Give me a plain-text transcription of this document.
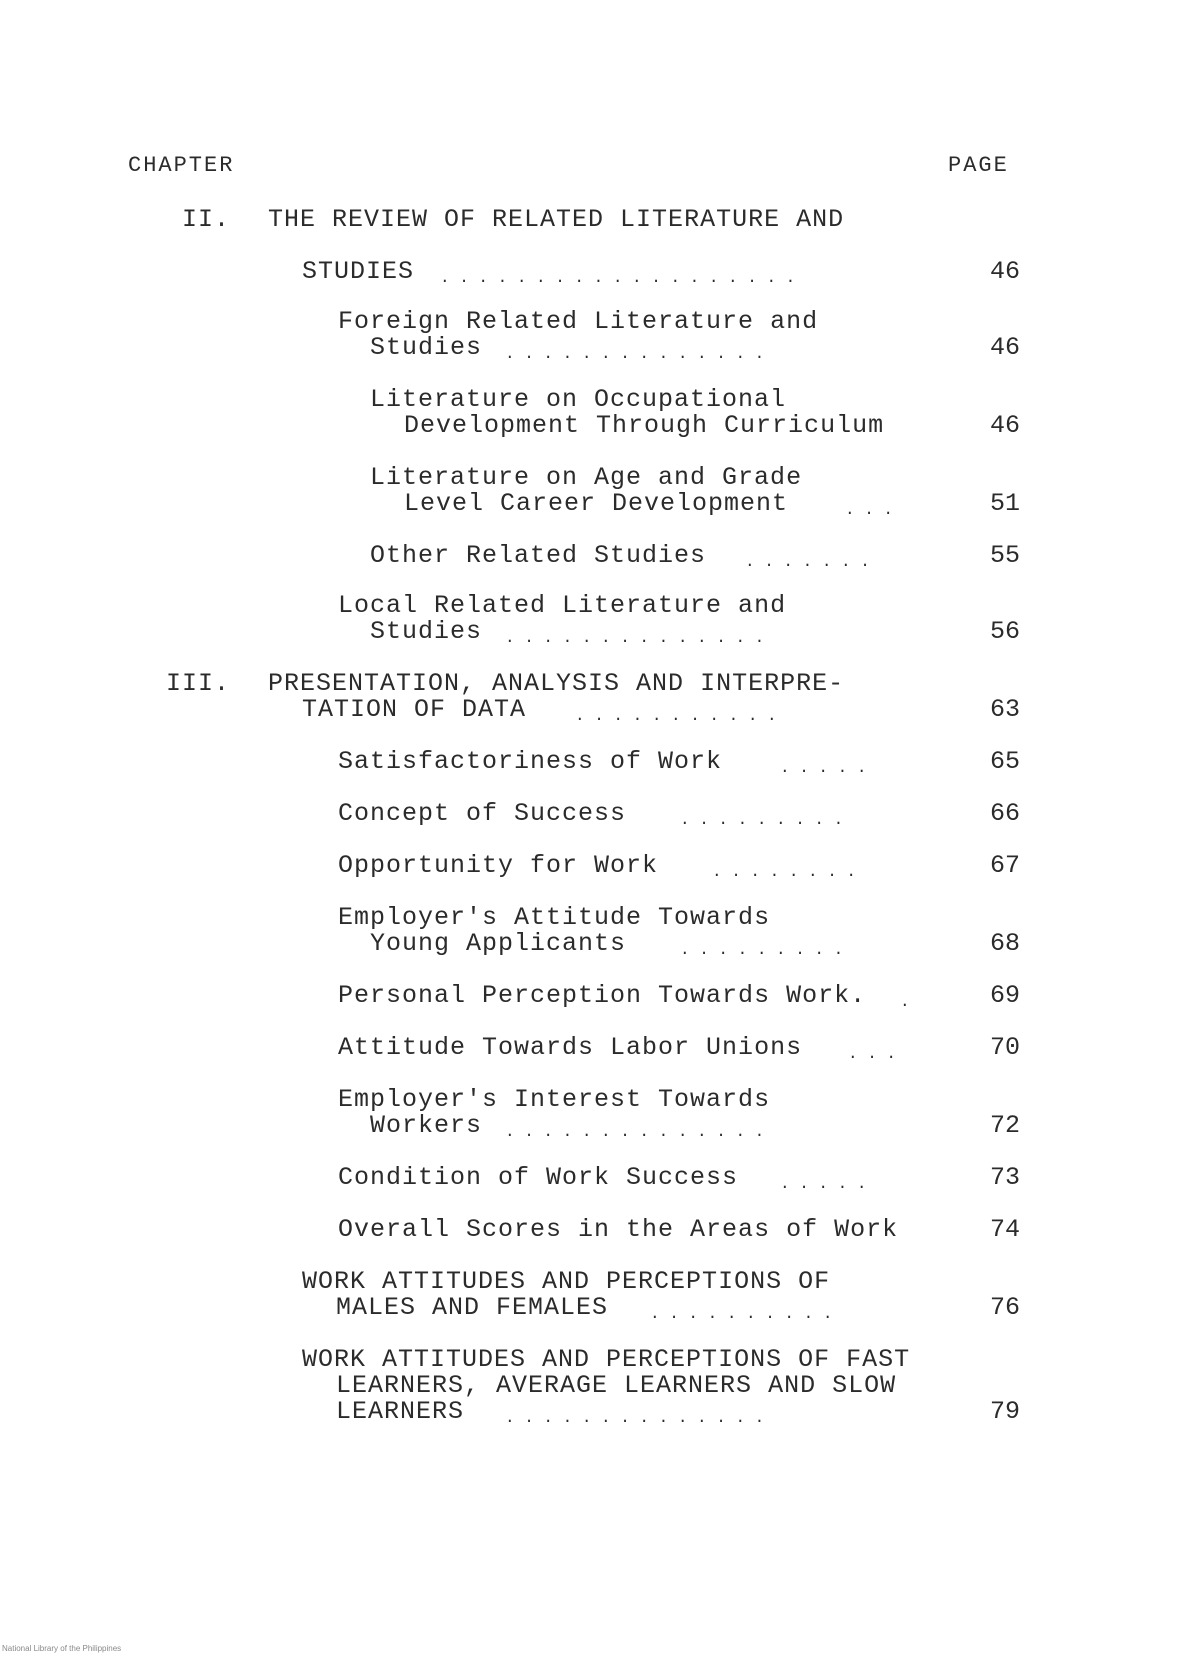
CHAPTER	PAGE
II. THE REVIEW OF RELATED LITERATURE AND
STUDIES . . . . . . . . . . . . . . . . . . .	46
Foreign Related Literature and
Studies . . . . . . . . . . . . . .	46
Literature on Occupational
Development Through Curriculum	46
Literature on Age and Grade
Level Career Development	. . .	51
Other Related Studies . . . . . . .	55
Local Related Literature and
Studies . . . . . . . . . . . . . .	56
III. PRESENTATION, ANALYSIS AND INTERPRE-
TATION OF DATA	. . . . . . . . . . .	63
Satisfactoriness of Work	. . . . .	65
Concept of Success	. . . . . . . . .	66
Opportunity for Work	. . . . . . . .	67
Employer's Attitude Towards
Young Applicants	. . . . . . . . .	68
Personal Perception Towards Work. .	69
Attitude Towards Labor Unions	. . .	70
Employer's Interest Towards
Workers . . . . . . . . . . . . . .	72
Condition of Work Success	. . . . .	73
Overall Scores in the Areas of Work	74
WORK ATTITUDES AND PERCEPTIONS OF
MALES AND FEMALES	. . . . . . . . . .	76
WORK ATTITUDES AND PERCEPTIONS OF FAST
LEARNERS, AVERAGE LEARNERS AND SLOW
LEARNERS	. . . . . . . . . . . . . .	79
National Library of the Philippines
